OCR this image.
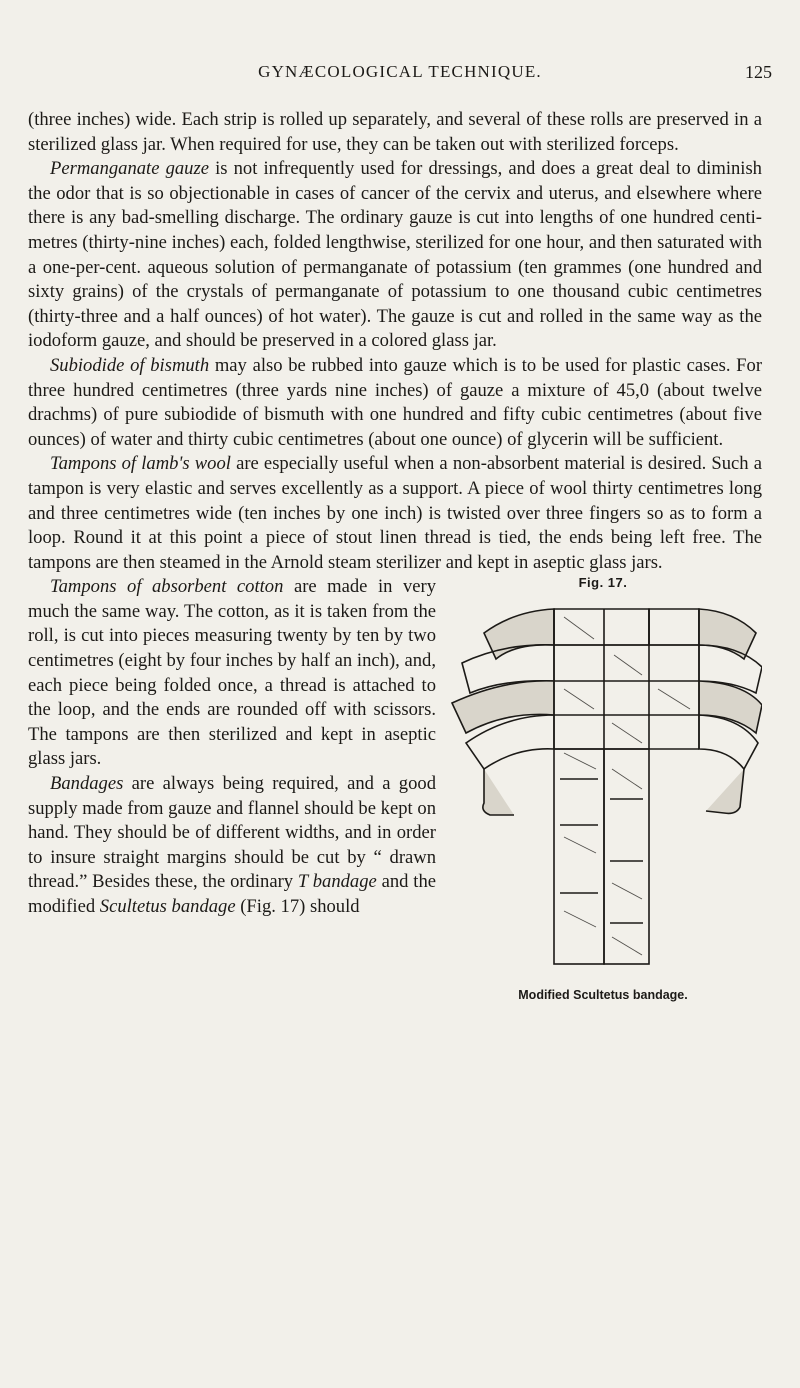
GYNÆCOLOGICAL TECHNIQUE.	125

(three inches) wide. Each strip is rolled up separately, and several of these rolls are preserved in a sterilized glass jar. When required for use, they can be taken out with sterilized forceps.

Permanganate gauze is not infrequently used for dressings, and does a great deal to diminish the odor that is so objectionable in cases of cancer of the cervix and uterus, and elsewhere where there is any bad-smelling discharge. The ordinary gauze is cut into lengths of one hundred centi-metres (thirty-nine inches) each, folded lengthwise, sterilized for one hour, and then saturated with a one-per-cent. aqueous solution of permanganate of potassium (ten grammes (one hundred and sixty grains) of the crystals of permanganate of potassium to one thousand cubic centimetres (thirty-three and a half ounces) of hot water). The gauze is cut and rolled in the same way as the iodoform gauze, and should be preserved in a colored glass jar.

Subiodide of bismuth may also be rubbed into gauze which is to be used for plastic cases. For three hundred centimetres (three yards nine inches) of gauze a mixture of 45,0 (about twelve drachms) of pure subiodide of bismuth with one hundred and fifty cubic centimetres (about five ounces) of water and thirty cubic centimetres (about one ounce) of glycerin will be sufficient.

Tampons of lamb's wool are especially useful when a non-absorbent material is desired. Such a tampon is very elastic and serves excellently as a support. A piece of wool thirty centimetres long and three centimetres wide (ten inches by one inch) is twisted over three fingers so as to form a loop. Round it at this point a piece of stout linen thread is tied, the ends being left free. The tampons are then steamed in the Arnold steam sterilizer and kept in aseptic glass jars.

Fig. 17.
Modified Scultetus bandage.

Tampons of absorbent cotton are made in very much the same way. The cotton, as it is taken from the roll, is cut into pieces measuring twenty by ten by two centimetres (eight by four inches by half an inch), and, each piece being folded once, a thread is attached to the loop, and the ends are rounded off with scissors. The tampons are then sterilized and kept in aseptic glass jars.

Bandages are always being required, and a good supply made from gauze and flannel should be kept on hand. They should be of different widths, and in order to insure straight margins should be cut by “ drawn thread.” Besides these, the ordinary T bandage and the modified Scultetus bandage (Fig. 17) should
